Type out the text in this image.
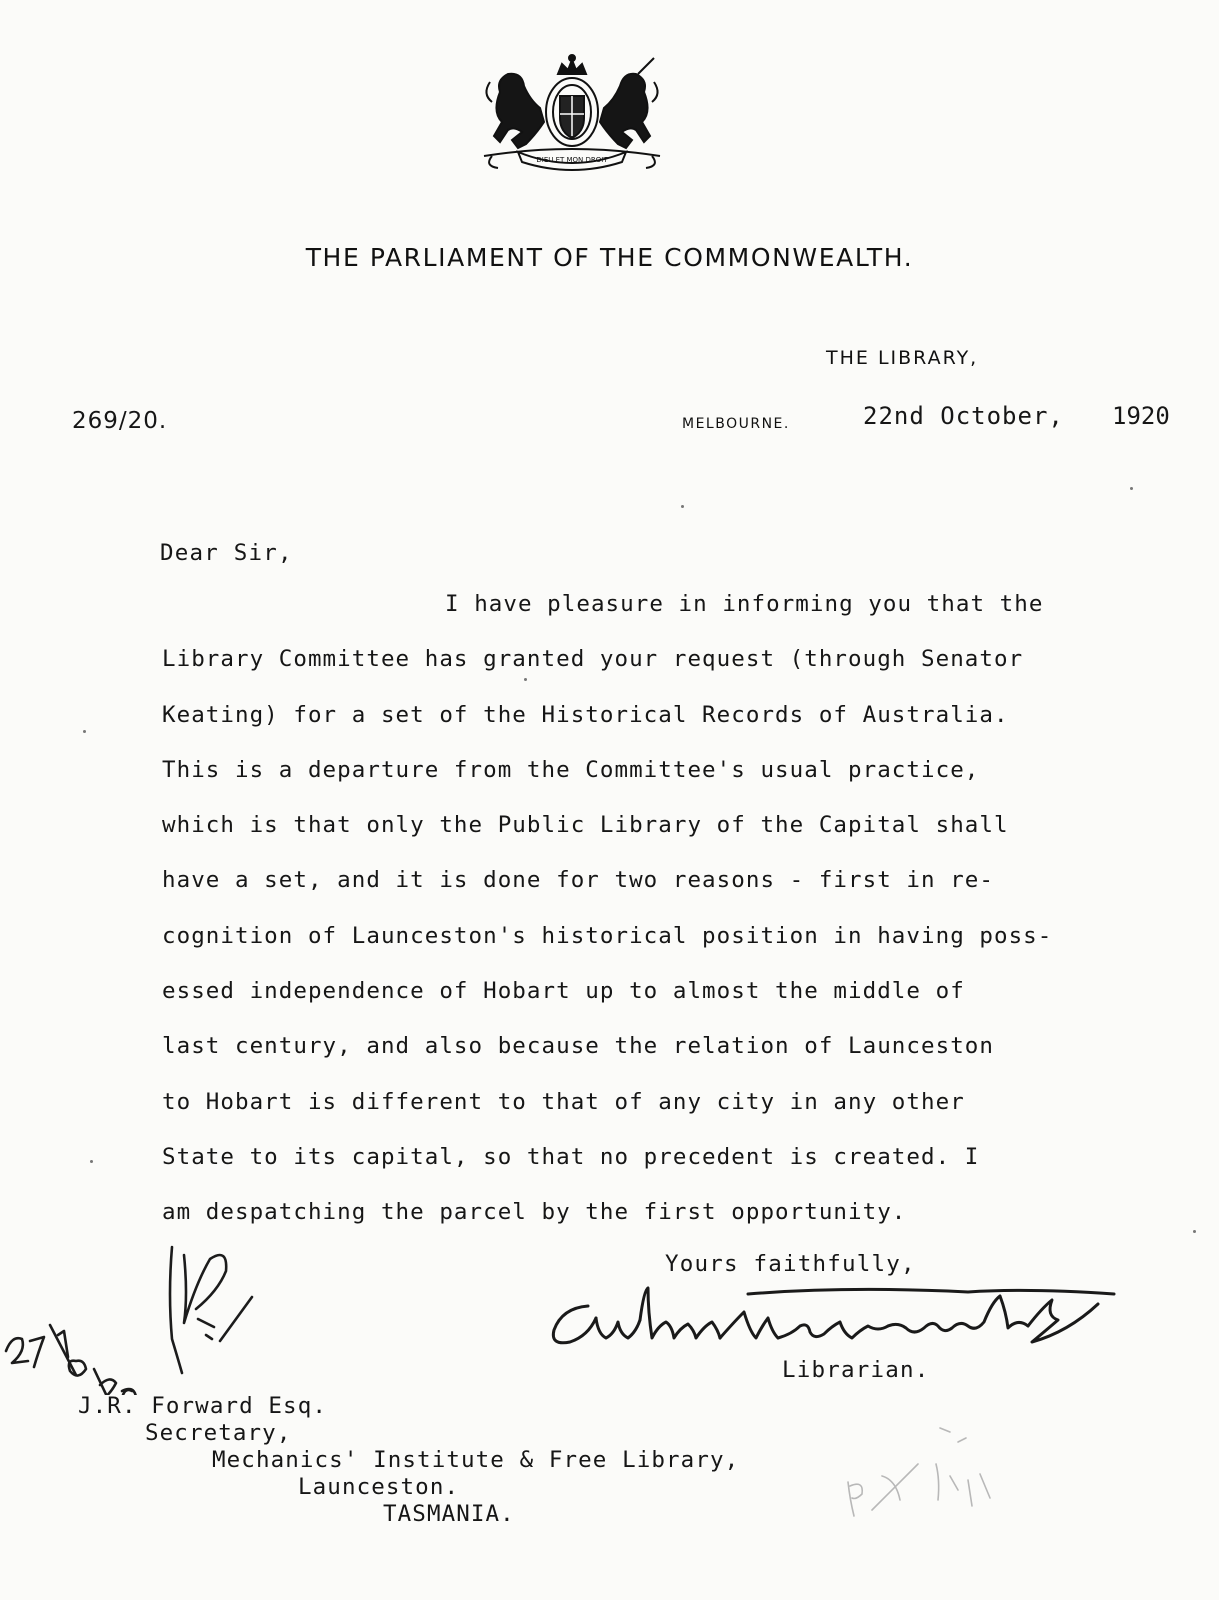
DIEU ET MON DROIT
THE PARLIAMENT OF THE COMMONWEALTH.
THE LIBRARY,
MELBOURNE.
269/20.	22nd October, 1920
Dear Sir,
I have pleasure in informing you that the
Library Committee has granted your request (through Senator
Keating) for a set of the Historical Records of Australia.
This is a departure from the Committee's usual practice,
which is that only the Public Library of the Capital shall
have a set, and it is done for two reasons - first in re-
cognition of Launceston's historical position in having poss-
essed independence of Hobart up to almost the middle of
last century, and also because the relation of Launceston
to Hobart is different to that of any city in any other
State to its capital, so that no precedent is created. I
am despatching the parcel by the first opportunity.
Yours faithfully,
Librarian.
J.R. Forward Esq.
Secretary,
Mechanics' Institute & Free Library,
Launceston.
TASMANIA.
